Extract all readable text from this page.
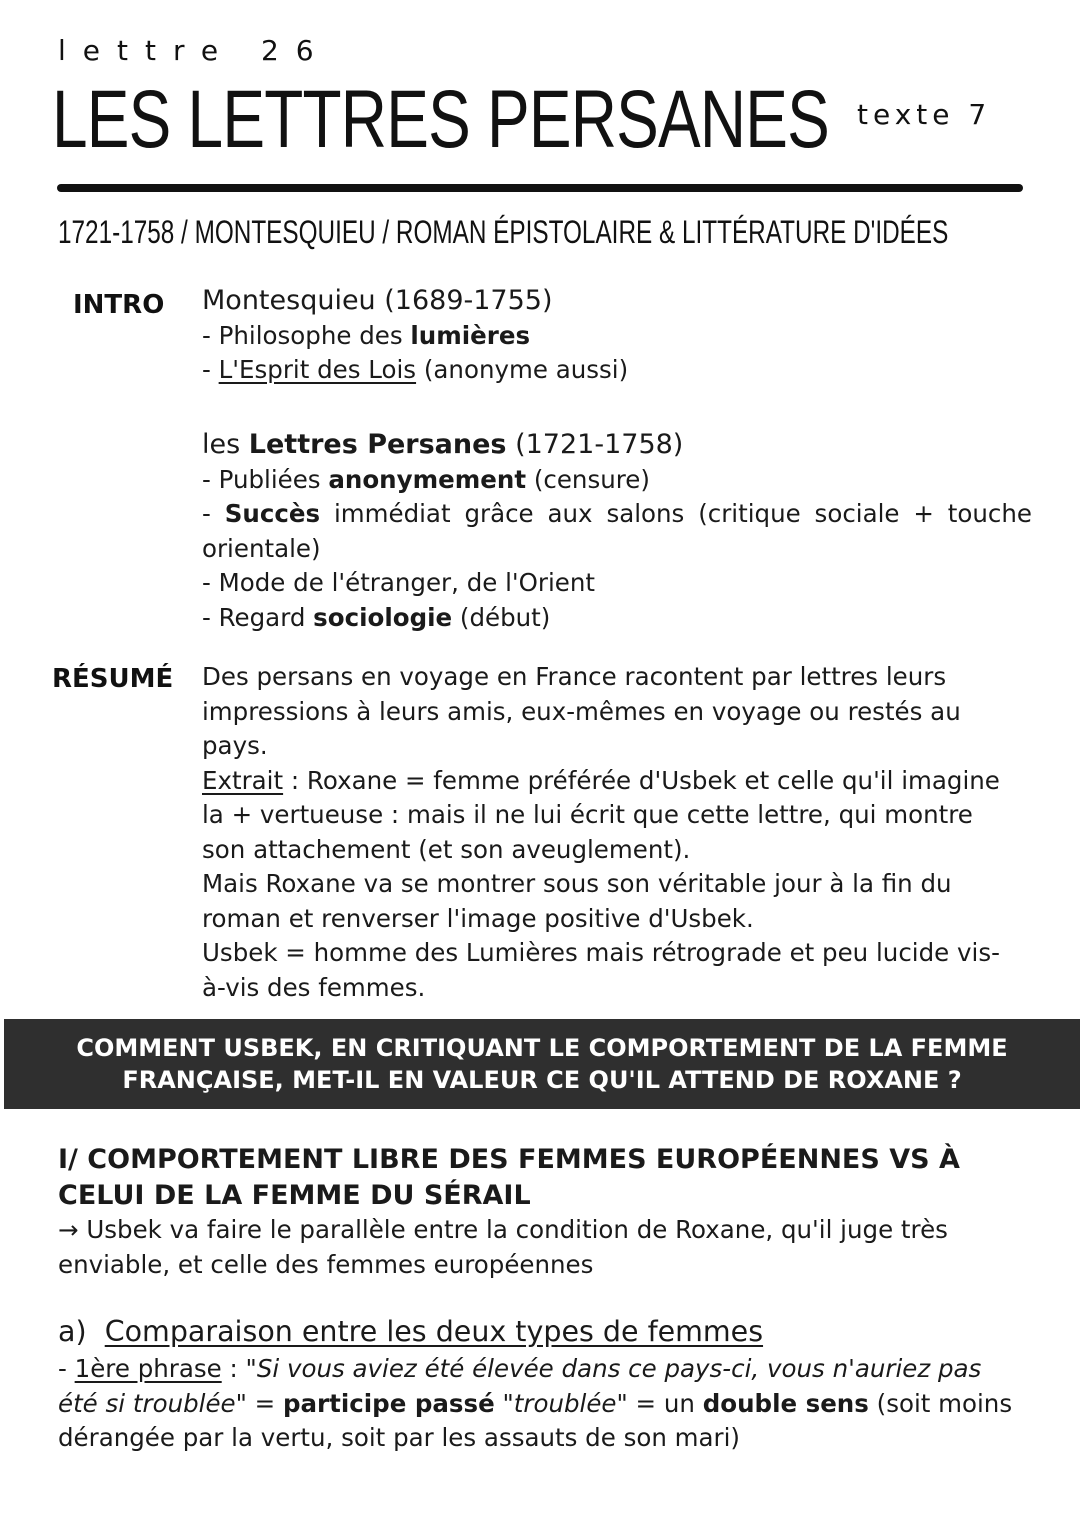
lettre 26
LES LETTRES PERSANES texte 7
1721-1758 / MONTESQUIEU / ROMAN ÉPISTOLAIRE & LITTÉRATURE D'IDÉES
INTRO Montesquieu (1689-1755)

- Philosophe des lumières

- L'Esprit des Lois (anonyme aussi)

les Lettres Persanes (1721-1758)

- Publiées anonymement (censure)

- Succès immédiat grâce aux salons (critique sociale + touche orientale)

- Mode de l'étranger, de l'Orient

- Regard sociologie (début)

RÉSUMÉ Des persans en voyage en France racontent par lettres leurs impressions à leurs amis, eux-mêmes en voyage ou restés au pays.

Extrait : Roxane = femme préférée d'Usbek et celle qu'il imagine la + vertueuse : mais il ne lui écrit que cette lettre, qui montre son attachement (et son aveuglement).

Mais Roxane va se montrer sous son véritable jour à la fin du roman et renverser l'image positive d'Usbek.

Usbek = homme des Lumières mais rétrograde et peu lucide vis-à-vis des femmes.

COMMENT USBEK, EN CRITIQUANT LE COMPORTEMENT DE LA FEMME
FRANÇAISE, MET-IL EN VALEUR CE QU'IL ATTEND DE ROXANE ?
I/ COMPORTEMENT LIBRE DES FEMMES EUROPÉENNES VS À CELUI DE LA FEMME DU SÉRAIL
→ Usbek va faire le parallèle entre la condition de Roxane, qu'il juge très enviable, et celle des femmes européennes
a) Comparaison entre les deux types de femmes
- 1ère phrase : "Si vous aviez été élevée dans ce pays-ci, vous n'auriez pas été si troublée" = participe passé "troublée" = un double sens (soit moins dérangée par la vertu, soit par les assauts de son mari)
